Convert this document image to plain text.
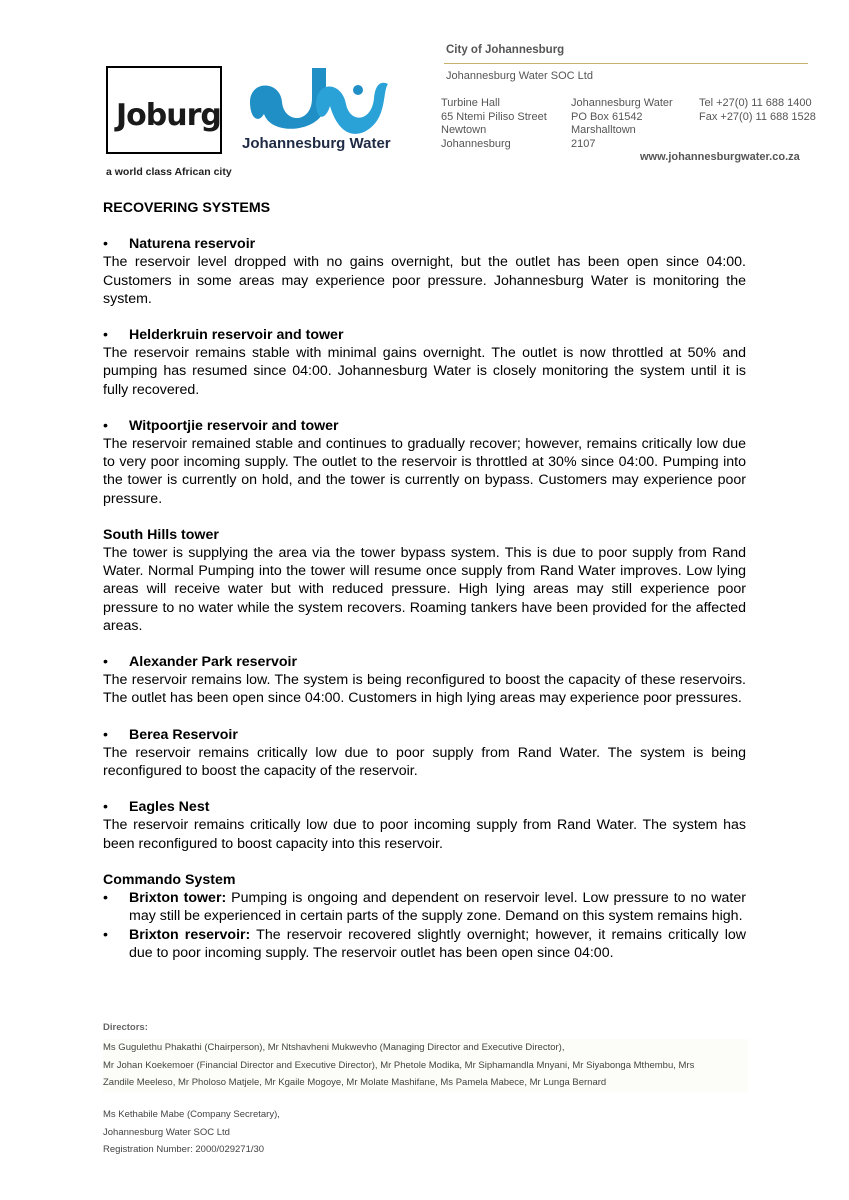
Joburg
a world class African city
Johannesburg Water
City of Johannesburg
Johannesburg Water SOC Ltd
Turbine Hall
65 Ntemi Piliso Street
Newtown
Johannesburg
Johannesburg Water
PO Box 61542
Marshalltown
2107
Tel +27(0) 11 688 1400
Fax +27(0) 11 688 1528
www.johannesburgwater.co.za

RECOVERING SYSTEMS

• Naturena reservoir

The reservoir level dropped with no gains overnight, but the outlet has been open since 04:00. Customers in some areas may experience poor pressure. Johannesburg Water is monitoring the system.

• Helderkruin reservoir and tower

The reservoir remains stable with minimal gains overnight. The outlet is now throttled at 50% and pumping has resumed since 04:00. Johannesburg Water is closely monitoring the system until it is fully recovered.

• Witpoortjie reservoir and tower

The reservoir remained stable and continues to gradually recover; however, remains critically low due to very poor incoming supply. The outlet to the reservoir is throttled at 30% since 04:00. Pumping into the tower is currently on hold, and the tower is currently on bypass. Customers may experience poor pressure.

South Hills tower

The tower is supplying the area via the tower bypass system. This is due to poor supply from Rand Water. Normal Pumping into the tower will resume once supply from Rand Water improves. Low lying areas will receive water but with reduced pressure. High lying areas may still experience poor pressure to no water while the system recovers. Roaming tankers have been provided for the affected areas.

• Alexander Park reservoir

The reservoir remains low. The system is being reconfigured to boost the capacity of these reservoirs. The outlet has been open since 04:00. Customers in high lying areas may experience poor pressures.

• Berea Reservoir

The reservoir remains critically low due to poor supply from Rand Water. The system is being reconfigured to boost the capacity of the reservoir.

• Eagles Nest

The reservoir remains critically low due to poor incoming supply from Rand Water. The system has been reconfigured to boost capacity into this reservoir.

Commando System
• Brixton tower: Pumping is ongoing and dependent on reservoir level. Low pressure to no water may still be experienced in certain parts of the supply zone. Demand on this system remains high.
• Brixton reservoir: The reservoir recovered slightly overnight; however, it remains critically low due to poor incoming supply. The reservoir outlet has been open since 04:00.
Directors:
Ms Gugulethu Phakathi (Chairperson), Mr Ntshavheni Mukwevho (Managing Director and Executive Director),
Mr Johan Koekemoer (Financial Director and Executive Director), Mr Phetole Modika, Mr Siphamandla Mnyani, Mr Siyabonga Mthembu, Mrs
Zandile Meeleso, Mr Pholoso Matjele, Mr Kgaile Mogoye, Mr Molate Mashifane, Ms Pamela Mabece, Mr Lunga Bernard
Ms Kethabile Mabe (Company Secretary),
Johannesburg Water SOC Ltd
Registration Number: 2000/029271/30
